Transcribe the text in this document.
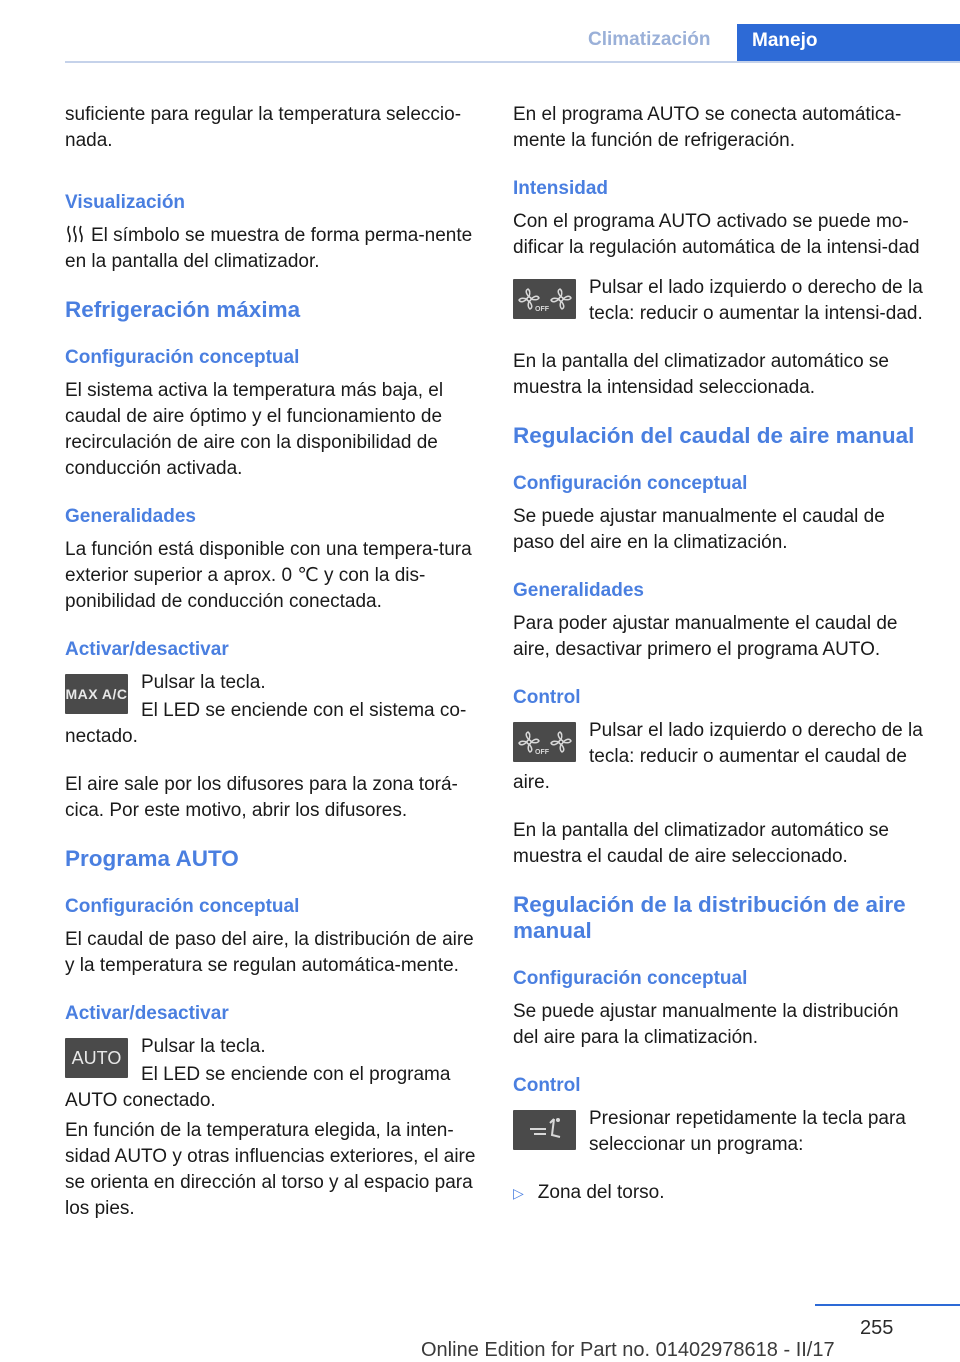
Climatización	Manejo

suficiente para regular la temperatura seleccio-nada.

Visualización

El símbolo se muestra de forma perma-nente en la pantalla del climatizador.

Refrigeración máxima
Configuración conceptual

El sistema activa la temperatura más baja, el caudal de aire óptimo y el funcionamiento de recirculación de aire con la disponibilidad de conducción activada.

Generalidades

La función está disponible con una tempera-tura exterior superior a aprox. 0 ℃ y con la dis-ponibilidad de conducción conectada.

Activar/desactivar
MAX A/C

Pulsar la tecla.

El LED se enciende con el sistema co-nectado.

El aire sale por los difusores para la zona torá-cica. Por este motivo, abrir los difusores.

Programa AUTO
Configuración conceptual

El caudal de paso del aire, la distribución de aire y la temperatura se regulan automática-mente.

Activar/desactivar
AUTO

Pulsar la tecla.

El LED se enciende con el programa AUTO conectado.

En función de la temperatura elegida, la inten-sidad AUTO y otras influencias exteriores, el aire se orienta en dirección al torso y al espacio para los pies.

En el programa AUTO se conecta automática-mente la función de refrigeración.

Intensidad

Con el programa AUTO activado se puede mo-dificar la regulación automática de la intensi-dad

OFF

Pulsar el lado izquierdo o derecho de la tecla: reducir o aumentar la intensi-dad.

En la pantalla del climatizador automático se muestra la intensidad seleccionada.

Regulación del caudal de aire manual
Configuración conceptual

Se puede ajustar manualmente el caudal de paso del aire en la climatización.

Generalidades

Para poder ajustar manualmente el caudal de aire, desactivar primero el programa AUTO.

Control
OFF

Pulsar el lado izquierdo o derecho de la tecla: reducir o aumentar el caudal de aire.

En la pantalla del climatizador automático se muestra el caudal de aire seleccionado.

Regulación de la distribución de aire manual
Configuración conceptual

Se puede ajustar manualmente la distribución del aire para la climatización.

Control

Presionar repetidamente la tecla para seleccionar un programa:

▷ Zona del torso.
255
Online Edition for Part no. 01402978618 - II/17
